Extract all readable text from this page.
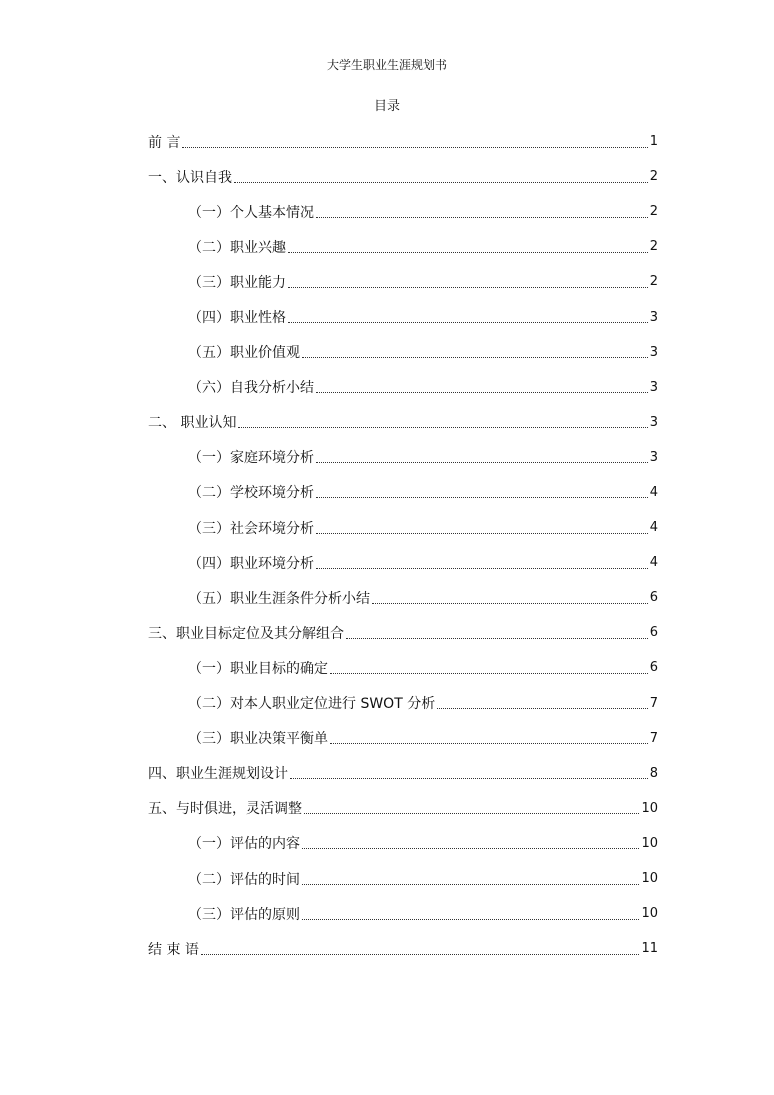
大学生职业生涯规划书
目录
前 言	1
一、认识自我	2
（一）个人基本情况	2
（二）职业兴趣	2
（三）职业能力	2
（四）职业性格	3
（五）职业价值观	3
（六）自我分析小结	3
二、 职业认知	3
（一）家庭环境分析	3
（二）学校环境分析	4
（三）社会环境分析	4
（四）职业环境分析	4
（五）职业生涯条件分析小结	6
三、职业目标定位及其分解组合	6
（一）职业目标的确定	6
（二）对本人职业定位进行 SWOT 分析	7
（三）职业决策平衡单	7
四、职业生涯规划设计	8
五、与时俱进，灵活调整	10
（一）评估的内容	10
（二）评估的时间	10
（三）评估的原则	10
结 束 语	11
